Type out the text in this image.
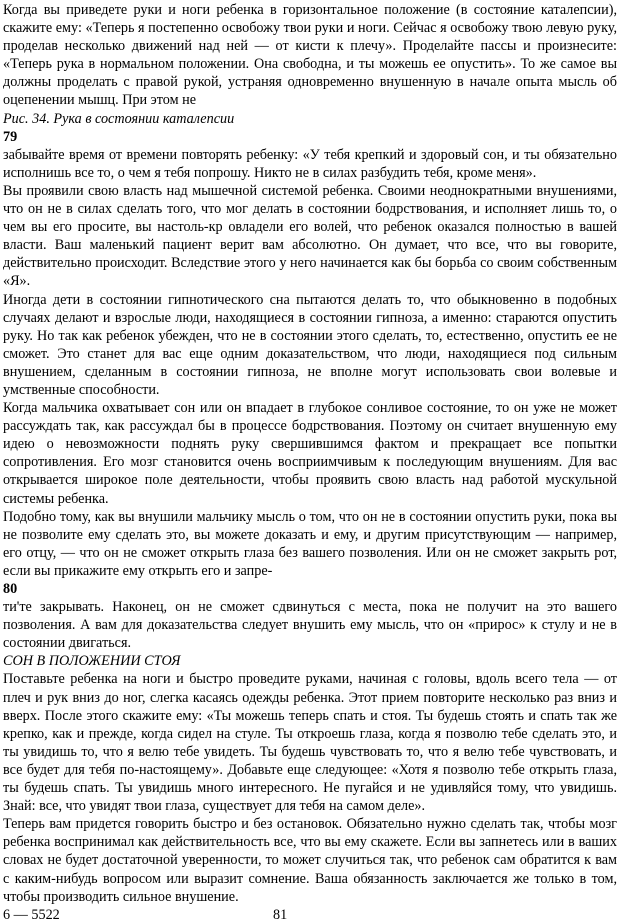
Когда вы приведете руки и ноги ребенка в горизонтальное положение (в состояние каталепсии), скажите ему: «Теперь я постепенно освобожу твои руки и ноги. Сейчас я освобожу твою левую руку, проделав несколько движений над ней — от кисти к плечу». Проделайте пассы и произнесите: «Теперь рука в нормальном положении. Она свободна, и ты можешь ее опустить». То же самое вы должны проделать с правой рукой, устраняя одновременно внушенную в начале опыта мысль об оцепенении мышц. При этом не

Рис. 34. Рука в состоянии каталепсии

79

забывайте время от времени повторять ребенку: «У тебя крепкий и здоровый сон, и ты обязательно исполнишь все то, о чем я тебя попрошу. Никто не в силах разбудить тебя, кроме меня».

Вы проявили свою власть над мышечной системой ребенка. Своими неоднократными внушениями, что он не в силах сделать того, что мог делать в состоянии бодрствования, и исполняет лишь то, о чем вы его просите, вы настоль-кр овладели его волей, что ребенок оказался полностью в вашей власти. Ваш маленький пациент верит вам абсолютно. Он думает, что все, что вы говорите, действительно происходит. Вследствие этого у него начинается как бы борьба со своим собственным «Я».

Иногда дети в состоянии гипнотического сна пытаются делать то, что обыкновенно в подобных случаях делают и взрослые люди, находящиеся в состоянии гипноза, а именно: стараются опустить руку. Но так как ребенок убежден, что не в состоянии этого сделать, то, естественно, опустить ее не сможет. Это станет для вас еще одним доказательством, что люди, находящиеся под сильным внушением, сделанным в состоянии гипноза, не вполне могут использовать свои волевые и умственные способности.

Когда мальчика охватывает сон или он впадает в глубокое сонливое состояние, то он уже не может рассуждать так, как рассуждал бы в процессе бодрствования. Поэтому он считает внушенную ему идею о невозможности поднять руку свершившимся фактом и прекращает все попытки сопротивления. Его мозг становится очень восприимчивым к последующим внушениям. Для вас открывается широкое поле деятельности, чтобы проявить свою власть над работой мускульной системы ребенка.

Подобно тому, как вы внушили мальчику мысль о том, что он не в состоянии опустить руки, пока вы не позволите ему сделать это, вы можете доказать и ему, и другим присутствующим — например, его отцу, — что он не сможет открыть глаза без вашего позволения. Или он не сможет закрыть рот, если вы прикажите ему открыть его и запре-

80

ти'те закрывать. Наконец, он не сможет сдвинуться с места, пока не получит на это вашего позволения. А вам для доказательства следует внушить ему мысль, что он «прирос» к стулу и не в состоянии двигаться.

СОН В ПОЛОЖЕНИИ СТОЯ

Поставьте ребенка на ноги и быстро проведите руками, начиная с головы, вдоль всего тела — от плеч и рук вниз до ног, слегка касаясь одежды ребенка. Этот прием повторите несколько раз вниз и вверх. После этого скажите ему: «Ты можешь теперь спать и стоя. Ты будешь стоять и спать так же крепко, как и прежде, когда сидел на стуле. Ты откроешь глаза, когда я позволю тебе сделать это, и ты увидишь то, что я велю тебе увидеть. Ты будешь чувствовать то, что я велю тебе чувствовать, и все будет для тебя по-настоящему». Добавьте еще следующее: «Хотя я позволю тебе открыть глаза, ты будешь спать. Ты увидишь много интересного. Не пугайся и не удивляйся тому, что увидишь. Знай: все, что увидят твои глаза, существует для тебя на самом деле».

Теперь вам придется говорить быстро и без остановок. Обязательно нужно сделать так, чтобы мозг ребенка воспринимал как действительность все, что вы ему скажете. Если вы запнетесь или в ваших словах не будет достаточной уверенности, то может случиться так, что ребенок сам обратится к вам с каким-нибудь вопросом или выразит сомнение. Ваша обязанность заключается же только в том, чтобы производить сильное внушение.

6 — 5522	81
